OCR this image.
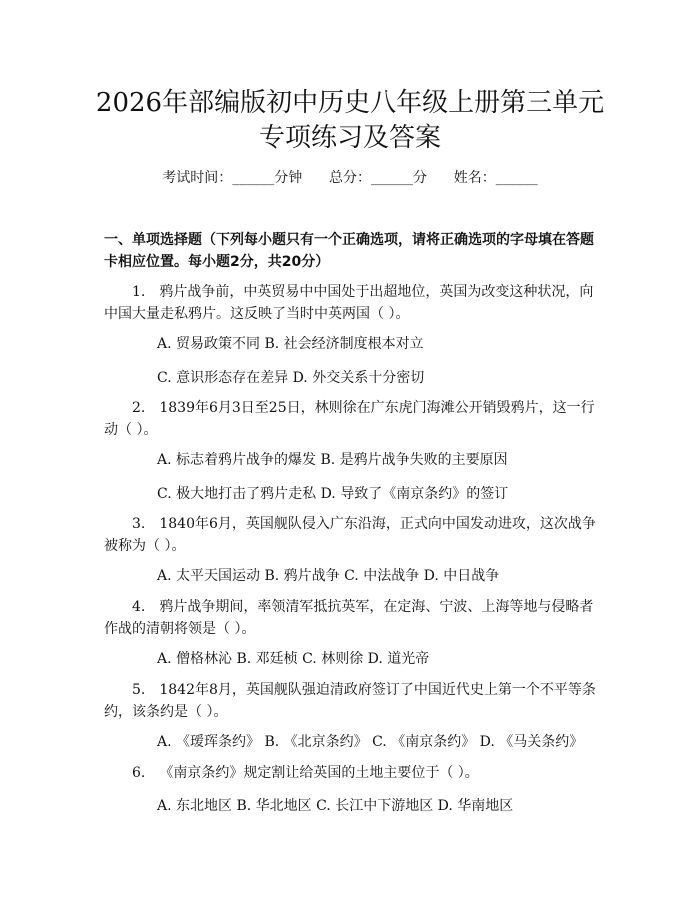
2026年部编版初中历史八年级上册第三单元
专项练习及答案
考试时间：______分钟      总分：______分      姓名：______
一、单项选择题（下列每小题只有一个正确选项，请将正确选项的字母填在答题卡相应位置。每小题2分，共20分）
1. 鸦片战争前，中英贸易中中国处于出超地位，英国为改变这种状况，向中国大量走私鸦片。这反映了当时中英两国（ ）。
A. 贸易政策不同 B. 社会经济制度根本对立
C. 意识形态存在差异 D. 外交关系十分密切
2. 1839年6月3日至25日，林则徐在广东虎门海滩公开销毁鸦片，这一行动（ ）。
A. 标志着鸦片战争的爆发 B. 是鸦片战争失败的主要原因
C. 极大地打击了鸦片走私 D. 导致了《南京条约》的签订
3. 1840年6月，英国舰队侵入广东沿海，正式向中国发动进攻，这次战争被称为（ ）。
A. 太平天国运动 B. 鸦片战争 C. 中法战争 D. 中日战争
4. 鸦片战争期间，率领清军抵抗英军，在定海、宁波、上海等地与侵略者作战的清朝将领是（ ）。
A. 僧格林沁 B. 邓廷桢 C. 林则徐 D. 道光帝
5. 1842年8月，英国舰队强迫清政府签订了中国近代史上第一个不平等条约，该条约是（ ）。
A. 《瑷珲条约》 B. 《北京条约》 C. 《南京条约》 D. 《马关条约》
6. 《南京条约》规定割让给英国的土地主要位于（ ）。
A. 东北地区 B. 华北地区 C. 长江中下游地区 D. 华南地区
